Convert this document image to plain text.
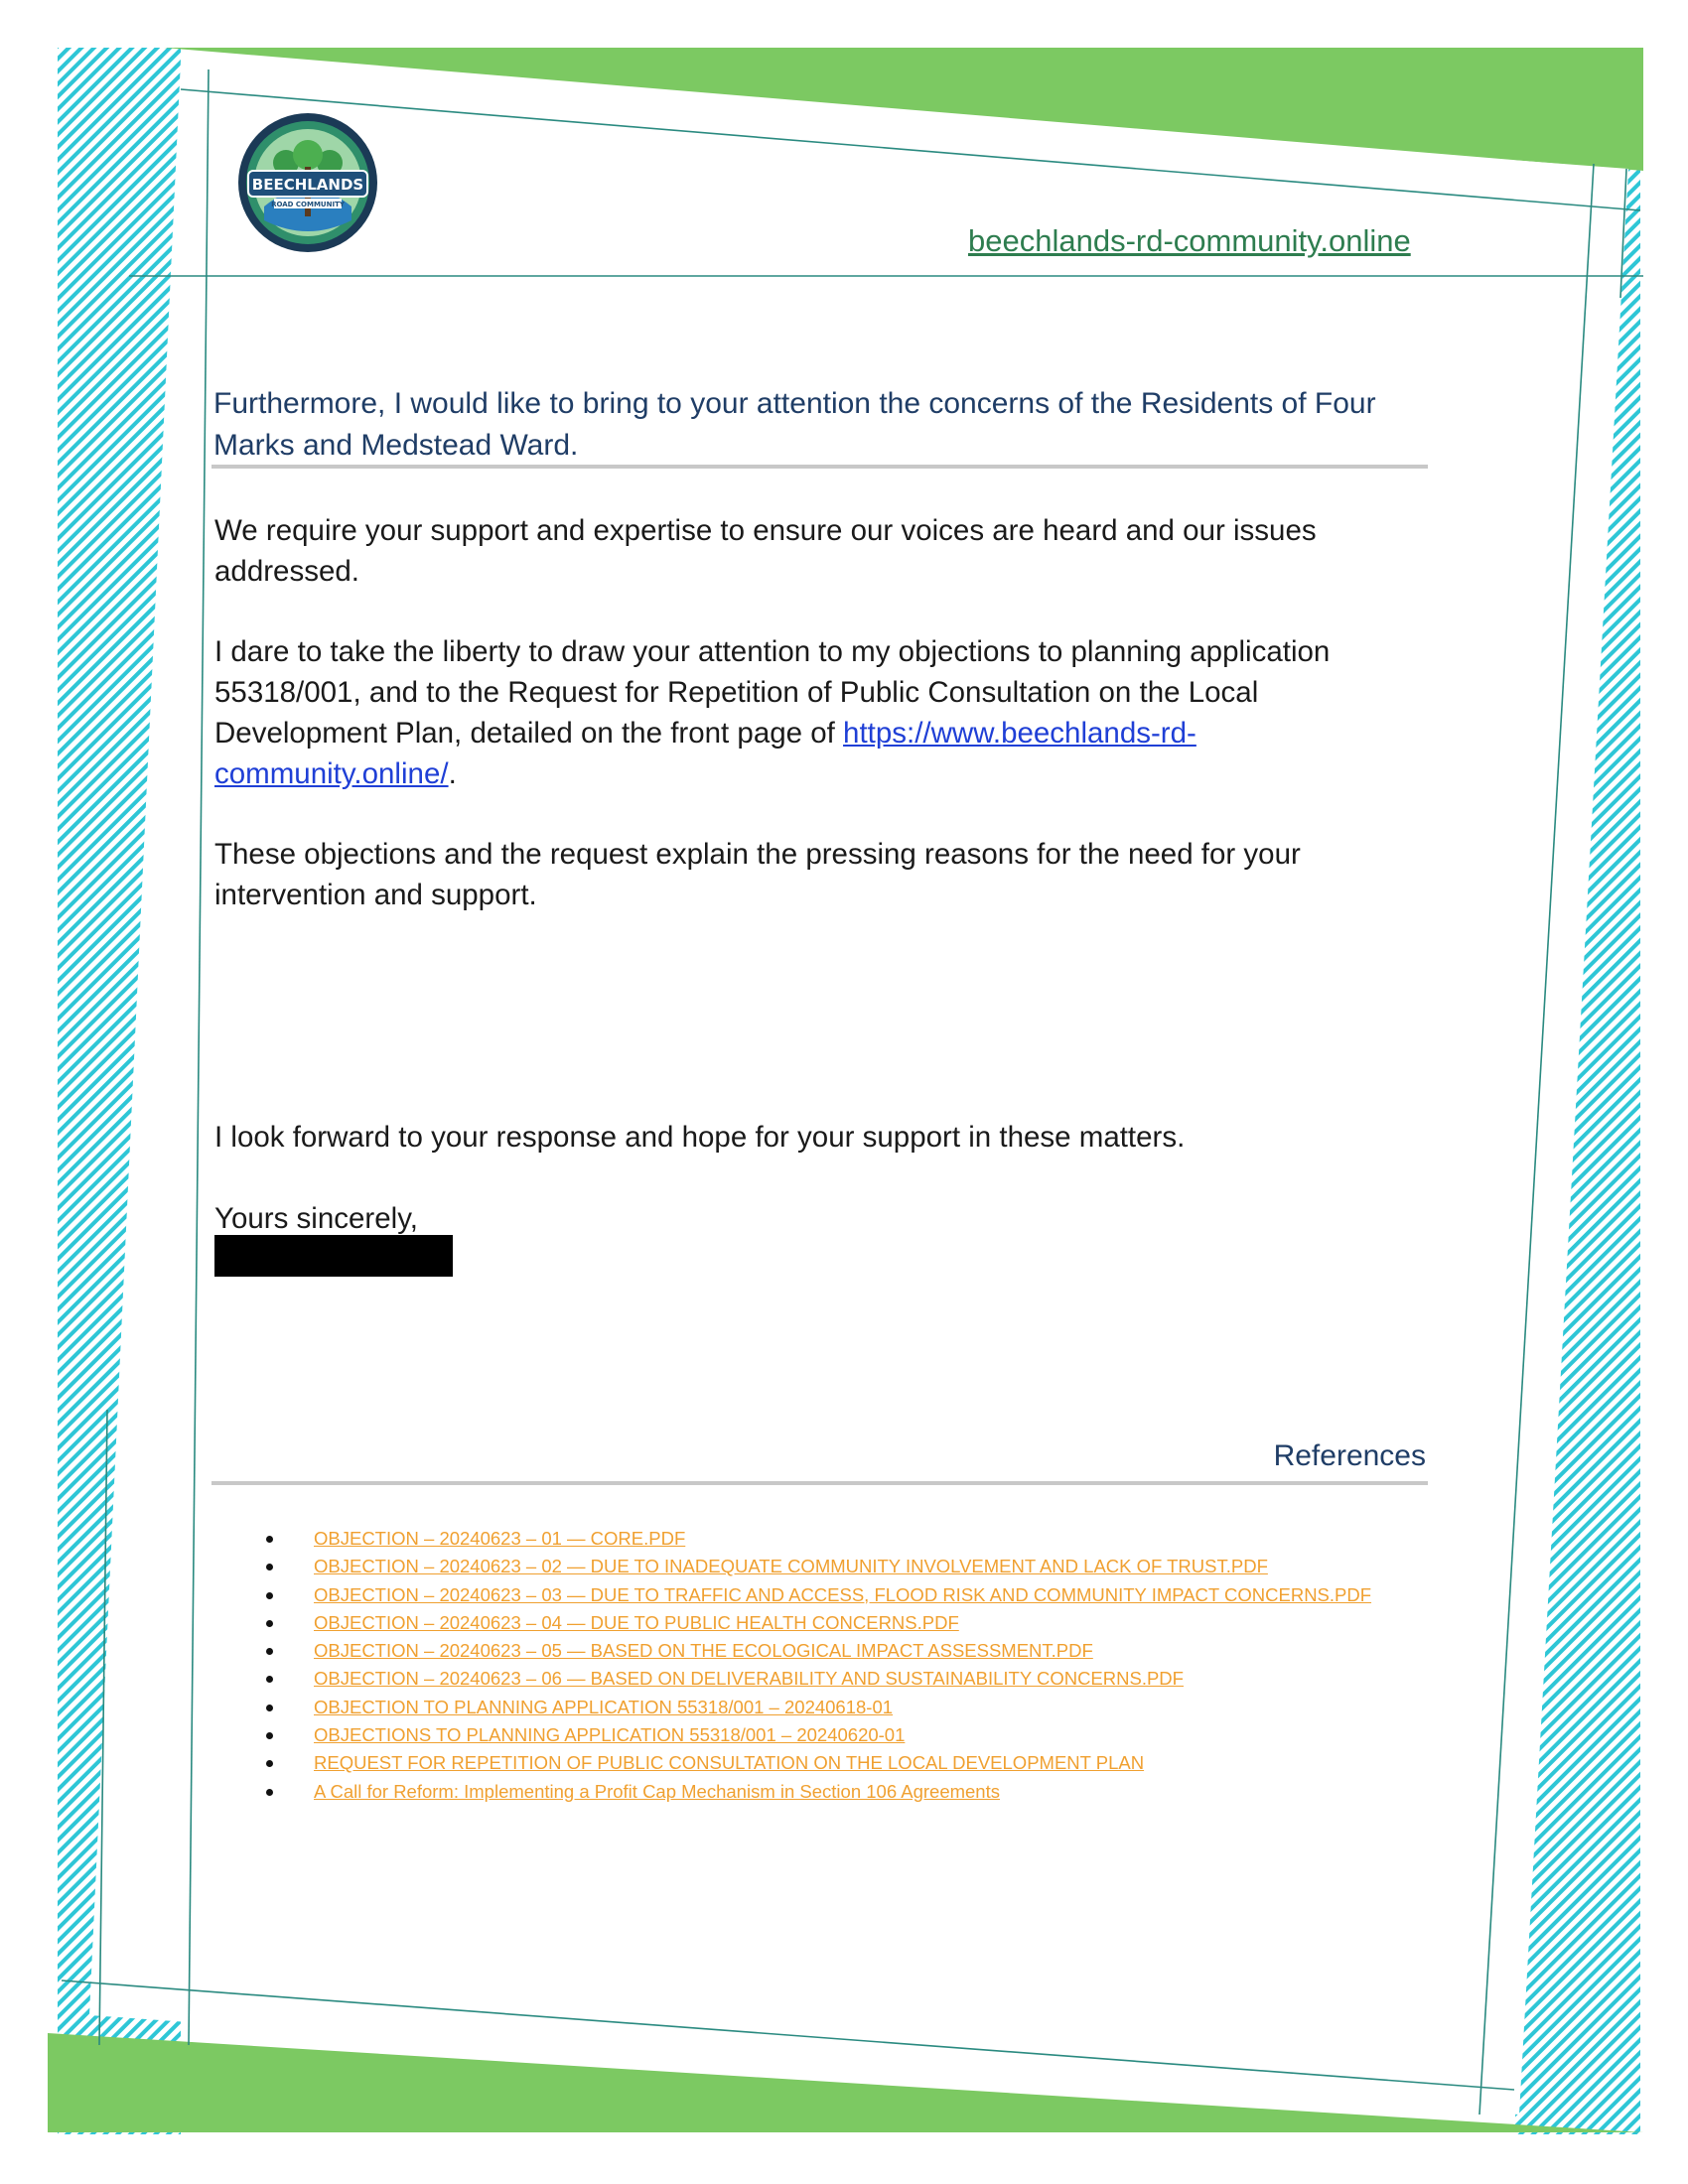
BEECHLANDS
ROAD COMMUNITY
beechlands-rd-community.online
Furthermore, I would like to bring to your attention the concerns of the Residents of Four Marks and Medstead Ward.

We require your support and expertise to ensure our voices are heard and our issues addressed.

I dare to take the liberty to draw your attention to my objections to planning application 55318/001, and to the Request for Repetition of Public Consultation on the Local Development Plan, detailed on the front page of https://www.beechlands-rd-community.online/.

These objections and the request explain the pressing reasons for the need for your intervention and support.

I look forward to your response and hope for your support in these matters.

Yours sincerely,

References
OBJECTION – 20240623 – 01 — CORE.PDF
OBJECTION – 20240623 – 02 — DUE TO INADEQUATE COMMUNITY INVOLVEMENT AND LACK OF TRUST.PDF
OBJECTION – 20240623 – 03 — DUE TO TRAFFIC AND ACCESS, FLOOD RISK AND COMMUNITY IMPACT CONCERNS.PDF
OBJECTION – 20240623 – 04 — DUE TO PUBLIC HEALTH CONCERNS.PDF
OBJECTION – 20240623 – 05 — BASED ON THE ECOLOGICAL IMPACT ASSESSMENT.PDF
OBJECTION – 20240623 – 06 — BASED ON DELIVERABILITY AND SUSTAINABILITY CONCERNS.PDF
OBJECTION TO PLANNING APPLICATION 55318/001 – 20240618-01
OBJECTIONS TO PLANNING APPLICATION 55318/001 – 20240620-01
REQUEST FOR REPETITION OF PUBLIC CONSULTATION ON THE LOCAL DEVELOPMENT PLAN
A Call for Reform: Implementing a Profit Cap Mechanism in Section 106 Agreements
